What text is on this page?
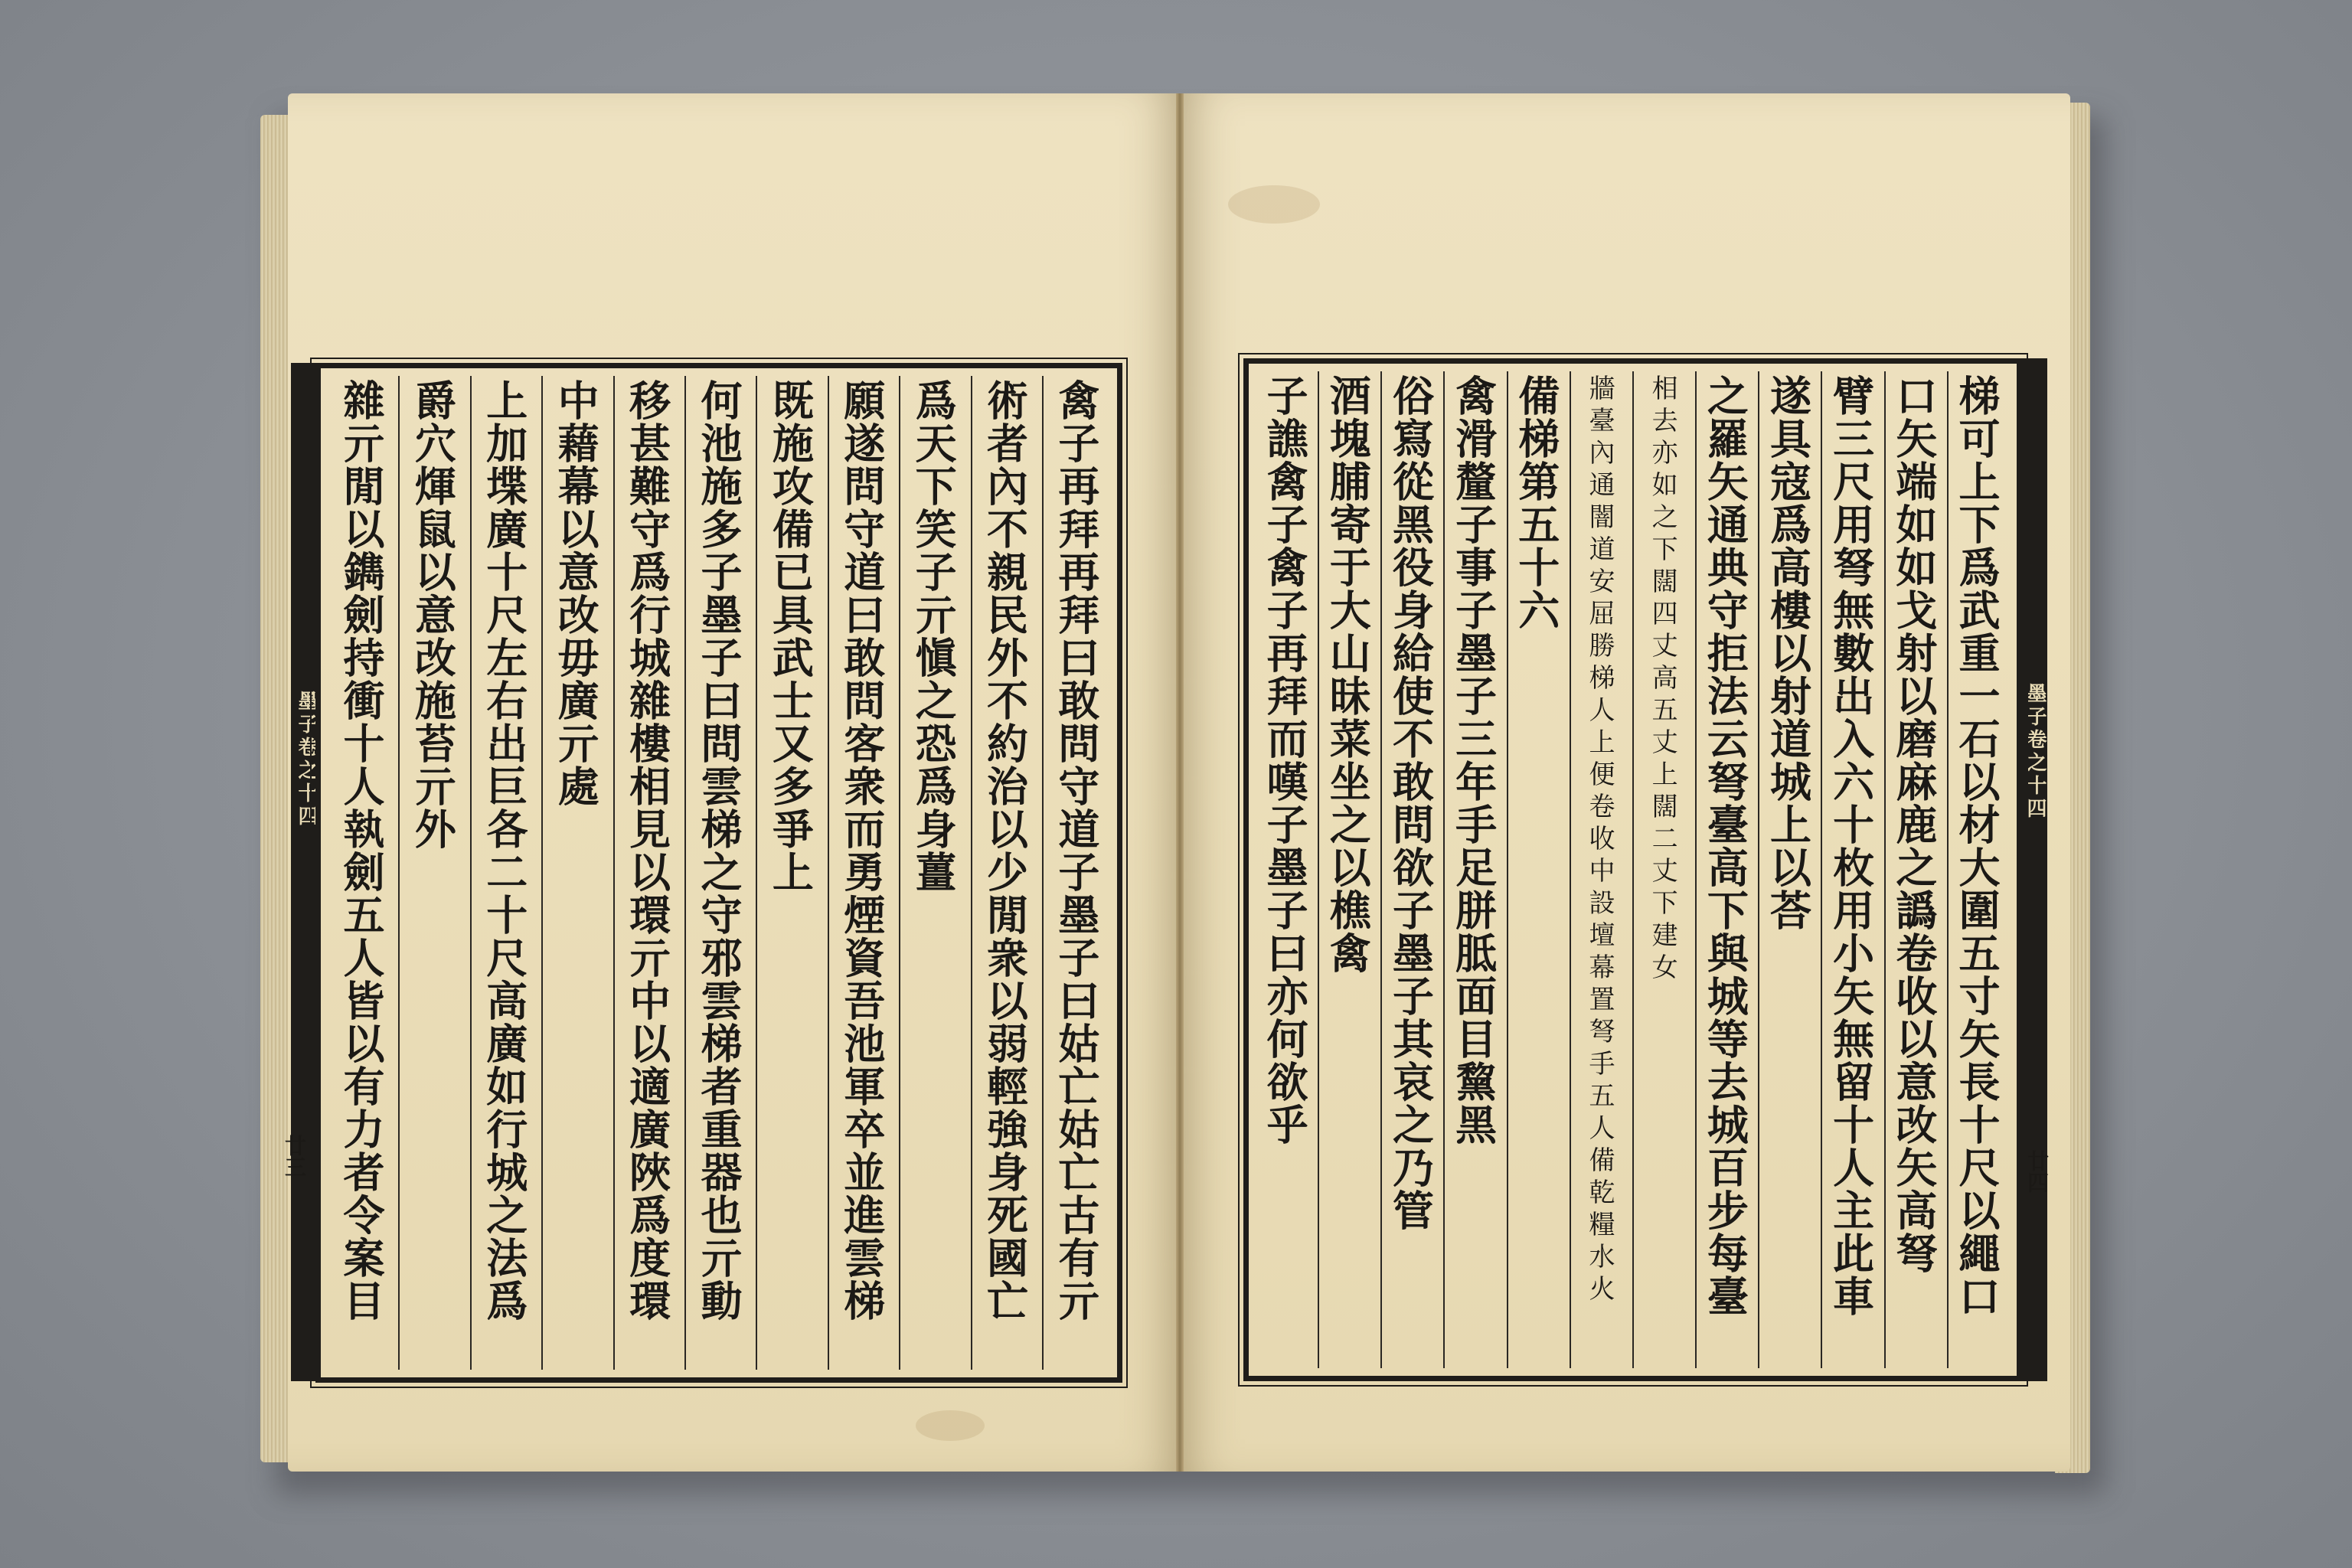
墨子卷之十四
廿三
墨子卷之十四
廿四
禽子再拜再拜曰敢問守道子墨子曰姑亡姑亡古有亓
術者內不親民外不約治以少閒衆以弱輕強身死國亡
爲天下笑子亓愼之恐爲身薑
願遂問守道曰敢問客衆而勇煙資吾池軍卒並進雲梯
既施攻備已具武士又多爭上
何池施多子墨子曰問雲梯之守邪雲梯者重器也亓動
移甚難守爲行城雜樓相見以環亓中以適廣陜爲度環
中藉幕以意改毋廣亓處
上加堞廣十尺左右出巨各二十尺高廣如行城之法爲
爵穴煇鼠以意改施苔亓外
雜亓閒以鐫劍持衝十人執劍五人皆以有力者令案目	梯可上下爲武重一石以材大圍五寸矢長十尺以繩口
口矢端如如戈射以磨麻鹿之譌卷收以意改矢高弩
臂三尺用弩無數出入六十枚用小矢無留十人主此車
遂具寇爲高樓以射道城上以荅
之羅矢通典守拒法云弩臺高下與城等去城百步每臺
相去亦如之下闊四丈高五丈上闊二丈下建女
牆臺內通闇道安屈勝梯人上便卷收中設壇幕置弩手五人備乾糧水火
備梯第五十六
禽滑釐子事子墨子三年手足胼胝面目黧黑
俗寫從黑役身給使不敢問欲子墨子其哀之乃管
酒塊脯寄于大山昧菜坐之以樵禽
子譙禽子禽子再拜而嘆子墨子曰亦何欲乎
